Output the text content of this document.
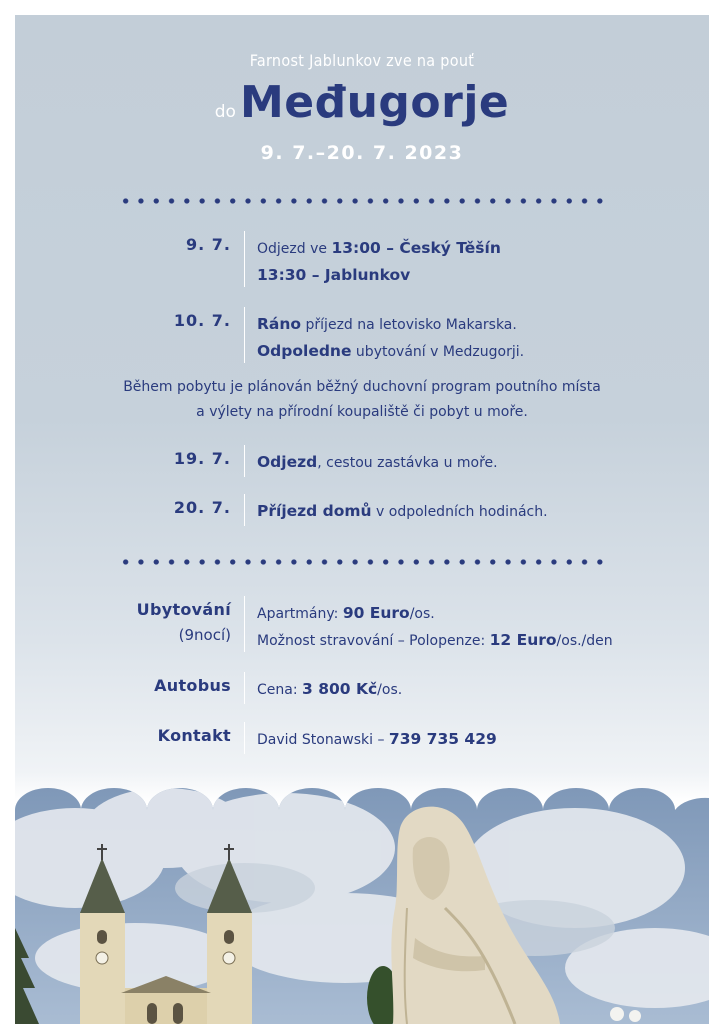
Farnost Jablunkov zve na pouť
doMeđugorje
9. 7.–20. 7. 2023
9. 7. Odjezd ve 13:00 – Český Těšín
13:30 – Jablunkov
10. 7. Ráno příjezd na letovisko Makarska.
Odpoledne ubytování v Medzugorji.
Během pobytu je plánován běžný duchovní program poutního místa
a výlety na přírodní koupaliště či pobyt u moře.
19. 7. Odjezd, cestou zastávka u moře.
20. 7. Příjezd domů v odpoledních hodinách.
Ubytování
(9nocí)
Apartmány: 90 Euro/os.
Možnost stravování – Polopenze: 12 Euro/os./den
Autobus Cena: 3 800 Kč/os.
Kontakt David Stonawski – 739 735 429
